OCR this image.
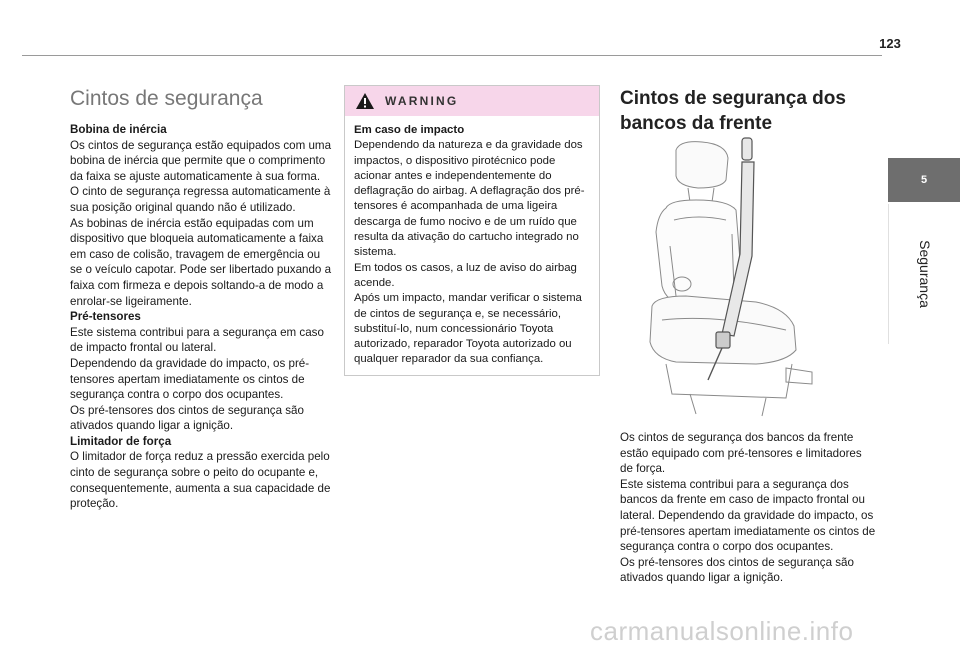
123
5
Segurança
Cintos de segurança

Bobina de inércia
Os cintos de segurança estão equipados com uma bobina de inércia que permite que o comprimento da faixa se ajuste automaticamente à sua forma. O cinto de segurança regressa automaticamente à sua posição original quando não é utilizado.

As bobinas de inércia estão equipadas com um dispositivo que bloqueia automaticamente a faixa em caso de colisão, travagem de emergência ou se o veículo capotar. Pode ser libertado puxando a faixa com firmeza e depois soltando-a de modo a enrolar-se ligeiramente.

Pré-tensores
Este sistema contribui para a segurança em caso de impacto frontal ou lateral.

Dependendo da gravidade do impacto, os pré-tensores apertam imediatamente os cintos de segurança contra o corpo dos ocupantes.

Os pré-tensores dos cintos de segurança são ativados quando ligar a ignição.

Limitador de força
O limitador de força reduz a pressão exercida pelo cinto de segurança sobre o peito do ocupante e, consequentemente, aumenta a sua capacidade de proteção.

WARNING

Em caso de impacto

Dependendo da natureza e da gravidade dos impactos, o dispositivo pirotécnico pode acionar antes e independentemente do deflagração do airbag. A deflagração dos pré-tensores é acompanhada de uma ligeira descarga de fumo nocivo e de um ruído que resulta da ativação do cartucho integrado no sistema.

Em todos os casos, a luz de aviso do airbag acende.

Após um impacto, mandar verificar o sistema de cintos de segurança e, se necessário, substituí-lo, num concessionário Toyota autorizado, reparador Toyota autorizado ou qualquer reparador da sua confiança.

Cintos de segurança dos bancos da frente

Os cintos de segurança dos bancos da frente estão equipado com pré-tensores e limitadores de força.

Este sistema contribui para a segurança dos bancos da frente em caso de impacto frontal ou lateral. Dependendo da gravidade do impacto, os pré-tensores apertam imediatamente os cintos de segurança contra o corpo dos ocupantes.

Os pré-tensores dos cintos de segurança são ativados quando ligar a ignição.

carmanualsonline.info
